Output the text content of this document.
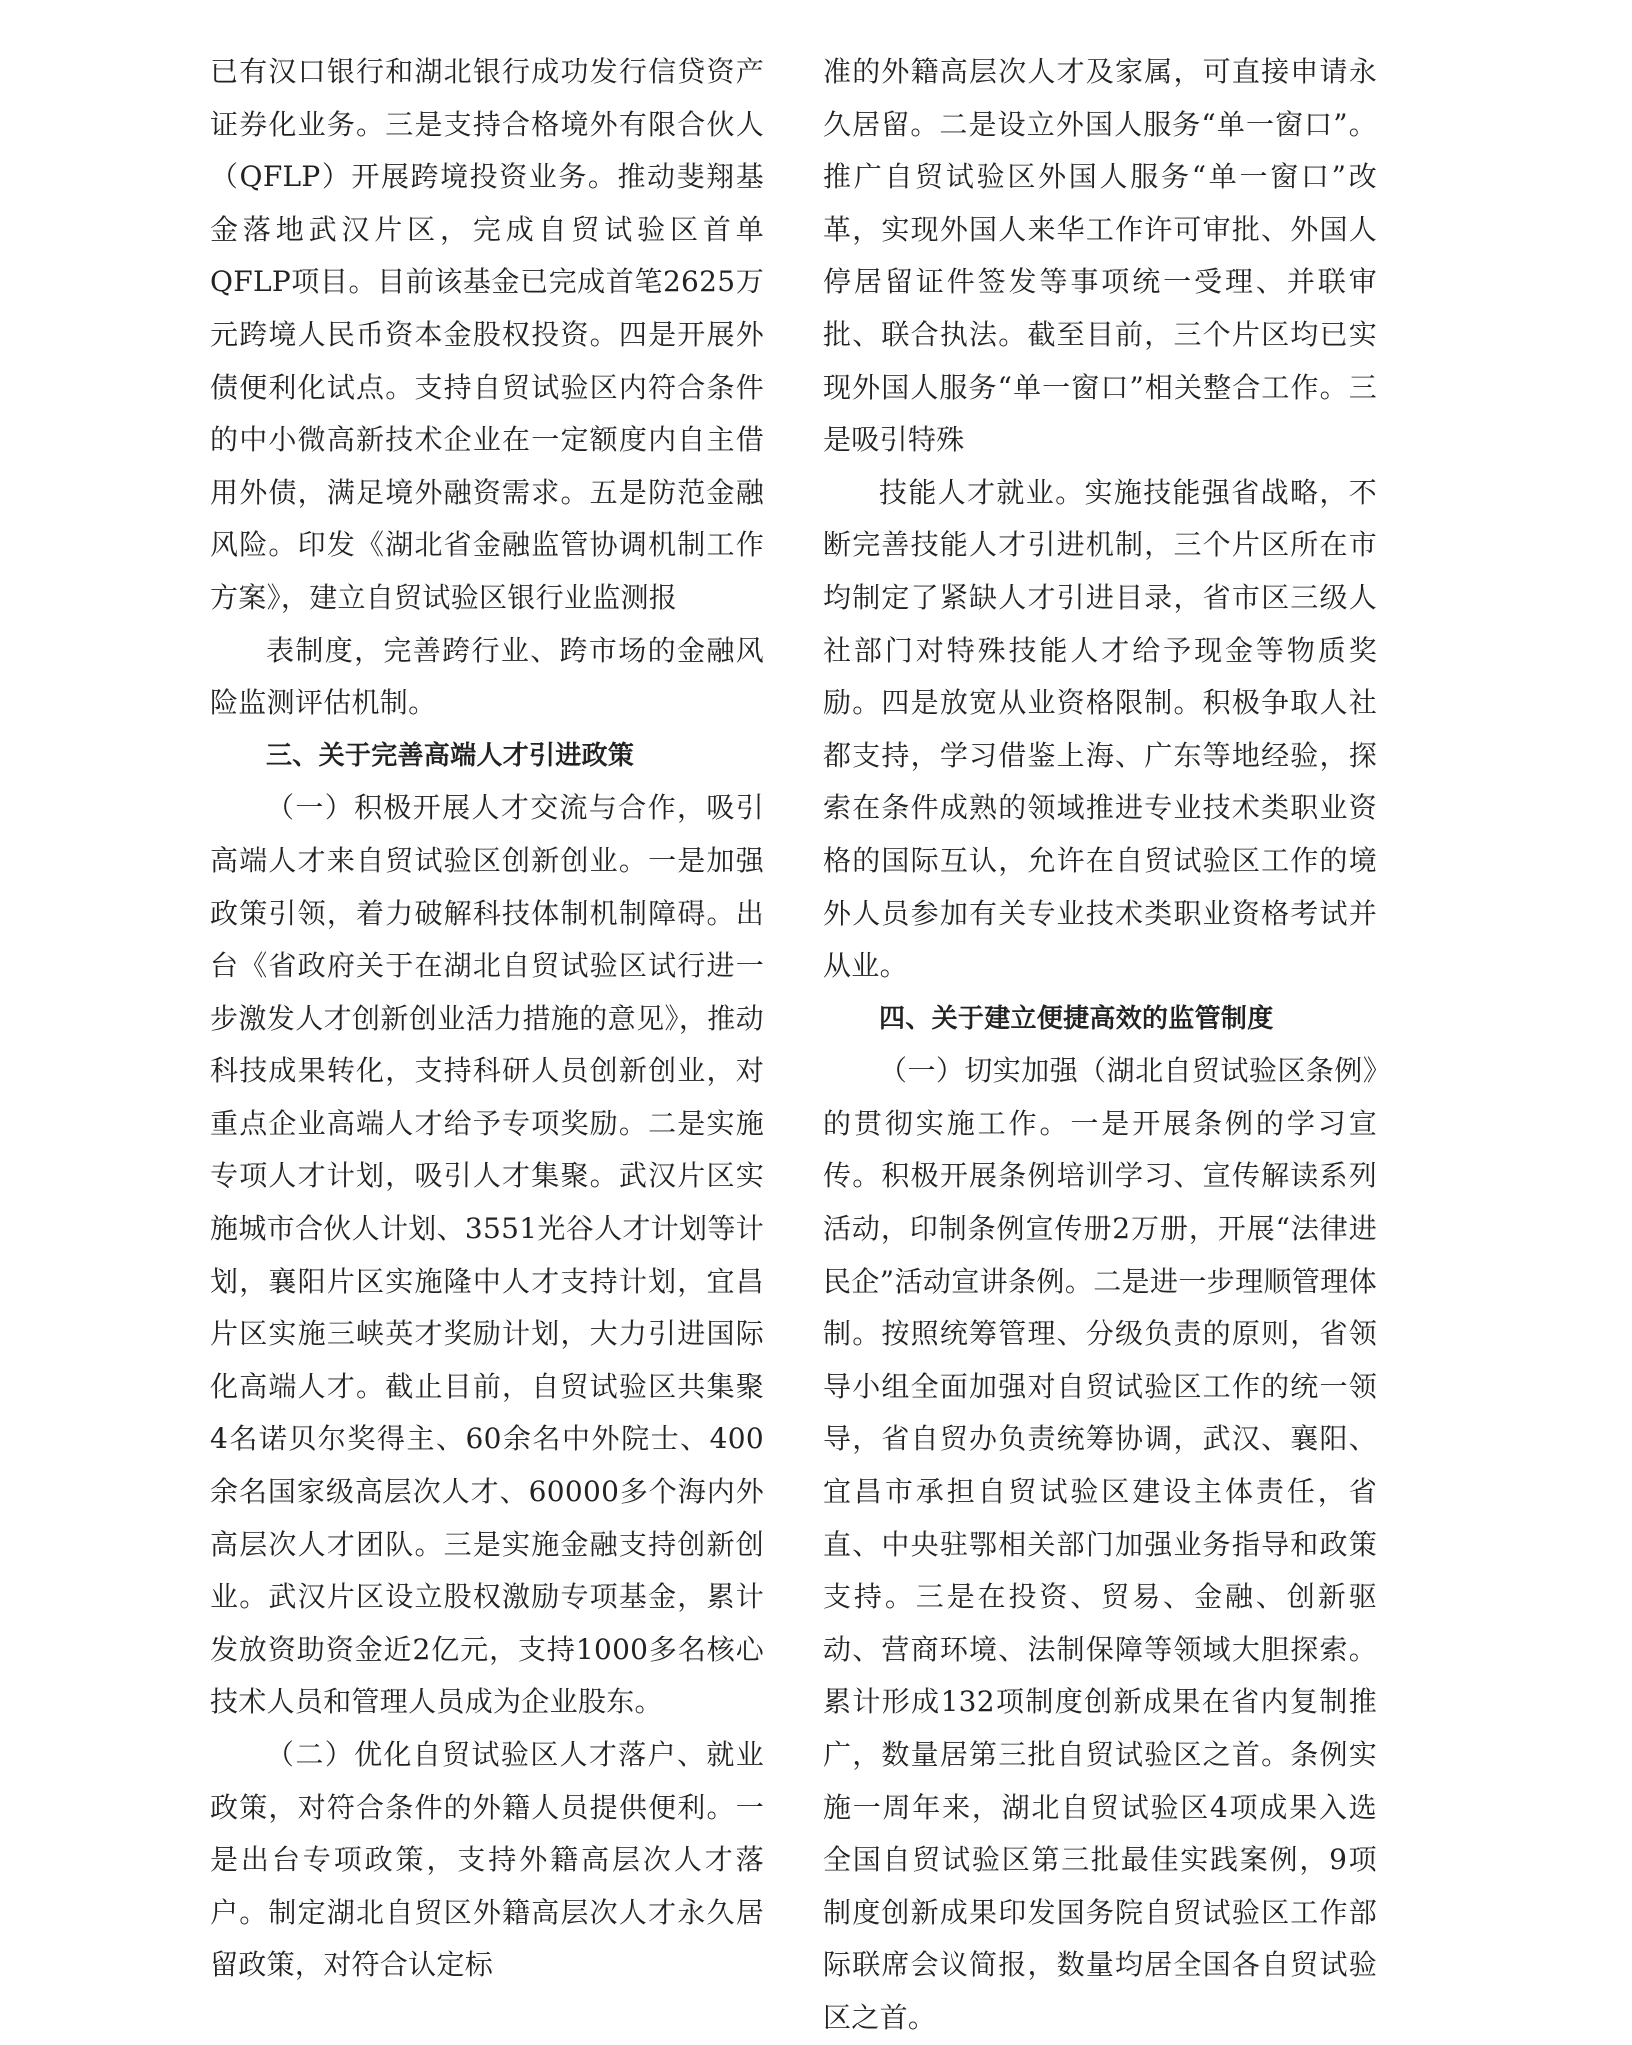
已有汉口银行和湖北银行成功发行信贷资产证券化业务。三是支持合格境外有限合伙人（QFLP）开展跨境投资业务。推动斐翔基金落地武汉片区，完成自贸试验区首单QFLP项目。目前该基金已完成首笔2625万元跨境人民币资本金股权投资。四是开展外债便利化试点。支持自贸试验区内符合条件的中小微高新技术企业在一定额度内自主借用外债，满足境外融资需求。五是防范金融风险。印发《湖北省金融监管协调机制工作方案》，建立自贸试验区银行业监测报

表制度，完善跨行业、跨市场的金融风险监测评估机制。

三、关于完善高端人才引进政策

（一）积极开展人才交流与合作，吸引高端人才来自贸试验区创新创业。一是加强政策引领，着力破解科技体制机制障碍。出台《省政府关于在湖北自贸试验区试行进一步激发人才创新创业活力措施的意见》，推动科技成果转化，支持科研人员创新创业，对重点企业高端人才给予专项奖励。二是实施专项人才计划，吸引人才集聚。武汉片区实施城市合伙人计划、3551光谷人才计划等计划，襄阳片区实施隆中人才支持计划，宜昌片区实施三峡英才奖励计划，大力引进国际化高端人才。截止目前，自贸试验区共集聚4名诺贝尔奖得主、60余名中外院士、400余名国家级高层次人才、60000多个海内外高层次人才团队。三是实施金融支持创新创业。武汉片区设立股权激励专项基金，累计发放资助资金近2亿元，支持1000多名核心技术人员和管理人员成为企业股东。

（二）优化自贸试验区人才落户、就业政策，对符合条件的外籍人员提供便利。一是出台专项政策，支持外籍高层次人才落户。制定湖北自贸区外籍高层次人才永久居留政策，对符合认定标

准的外籍高层次人才及家属，可直接申请永久居留。二是设立外国人服务“单一窗口”。推广自贸试验区外国人服务“单一窗口”改革，实现外国人来华工作许可审批、外国人停居留证件签发等事项统一受理、并联审批、联合执法。截至目前，三个片区均已实现外国人服务“单一窗口”相关整合工作。三是吸引特殊

技能人才就业。实施技能强省战略，不断完善技能人才引进机制，三个片区所在市均制定了紧缺人才引进目录，省市区三级人社部门对特殊技能人才给予现金等物质奖励。四是放宽从业资格限制。积极争取人社都支持，学习借鉴上海、广东等地经验，探索在条件成熟的领域推进专业技术类职业资格的国际互认，允许在自贸试验区工作的境外人员参加有关专业技术类职业资格考试并从业。

四、关于建立便捷高效的监管制度

（一）切实加强（湖北自贸试验区条例》的贯彻实施工作。一是开展条例的学习宣传。积极开展条例培训学习、宣传解读系列活动，印制条例宣传册2万册，开展“法律进民企”活动宣讲条例。二是进一步理顺管理体制。按照统筹管理、分级负责的原则，省领导小组全面加强对自贸试验区工作的统一领导，省自贸办负责统筹协调，武汉、襄阳、宜昌市承担自贸试验区建设主体责任，省直、中央驻鄂相关部门加强业务指导和政策支持。三是在投资、贸易、金融、创新驱动、营商环境、法制保障等领域大胆探索。累计形成132项制度创新成果在省内复制推广，数量居第三批自贸试验区之首。条例实施一周年来，湖北自贸试验区4项成果入选全国自贸试验区第三批最佳实践案例，9项制度创新成果印发国务院自贸试验区工作部际联席会议简报，数量均居全国各自贸试验区之首。
